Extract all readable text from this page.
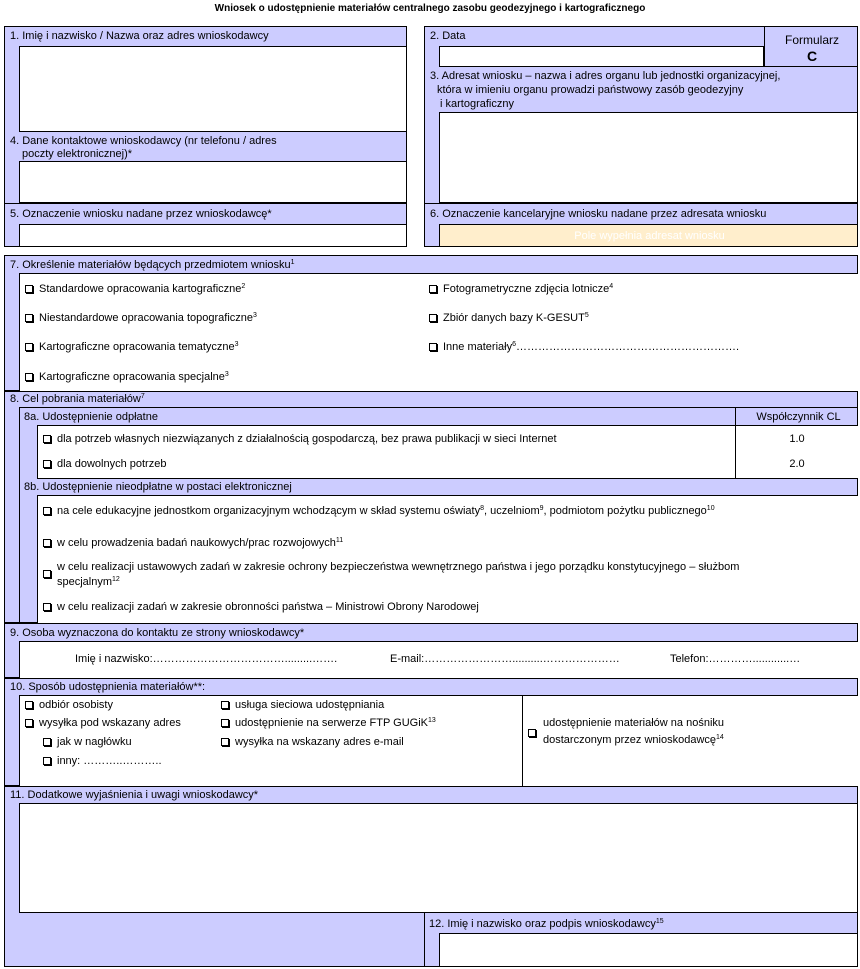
Wniosek o udostępnienie materiałów centralnego zasobu geodezyjnego i kartograficznego
1. Imię i nazwisko / Nazwa oraz adres wnioskodawcy
4. Dane kontaktowe wnioskodawcy (nr telefonu / adres
poczty elektronicznej)*
5. Oznaczenie wniosku nadane przez wnioskodawcę*
2. Data	Formularz
C
3. Adresat wniosku – nazwa i adres organu lub jednostki organizacyjnej,
która w imieniu organu prowadzi państwowy zasób geodezyjny
i kartograficzny
6. Oznaczenie kancelaryjne wniosku nadane przez adresata wniosku
Pole wypełnia adresat wniosku
7. Określenie materiałów będących przedmiotem wniosku$^1$
Standardowe opracowania kartograficzne$^2$
Niestandardowe opracowania topograficzne$^3$
Kartograficzne opracowania tematyczne$^3$
Kartograficzne opracowania specjalne$^3$
Fotogrametryczne zdjęcia lotnicze$^4$
Zbiór danych bazy K-GESUT$^5$
Inne materiały$^6$…………………………………………………….
8. Cel pobrania materiałów$^7$
8a. Udostępnienie odpłatne	Współczynnik CL
dla potrzeb własnych niezwiązanych z działalnością gospodarczą, bez prawa publikacji w sieci Internet	1.0
dla dowolnych potrzeb	2.0
8b. Udostępnienie nieodpłatne w postaci elektronicznej
na cele edukacyjne jednostkom organizacyjnym wchodzącym w skład systemu oświaty$^8$, uczelniom$^9$, podmiotom pożytku publicznego$^{10}$
w celu prowadzenia badań naukowych/prac rozwojowych$^{11}$
w celu realizacji ustawowych zadań w zakresie ochrony bezpieczeństwa wewnętrznego państwa i jego porządku konstytucyjnego – służbom
specjalnym$^{12}$
w celu realizacji zadań w zakresie obronności państwa – Ministrowi Obrony Narodowej
9. Osoba wyznaczona do kontaktu ze strony wnioskodawcy*
Imię i nazwisko:……………………………….........…….	E-mail:……………………..........…………………	Telefon:…………............…
10. Sposób udostępnienia materiałów**:
odbiór osobisty
wysyłka pod wskazany adres
jak w nagłówku
inny: ………..………..
usługa sieciowa udostępniania
udostępnienie na serwerze FTP GUGiK$^{13}$
wysyłka na wskazany adres e-mail
udostępnienie materiałów na nośniku
dostarczonym przez wnioskodawcę$^{14}$
11. Dodatkowe wyjaśnienia i uwagi wnioskodawcy*
12. Imię i nazwisko oraz podpis wnioskodawcy$^{15}$
